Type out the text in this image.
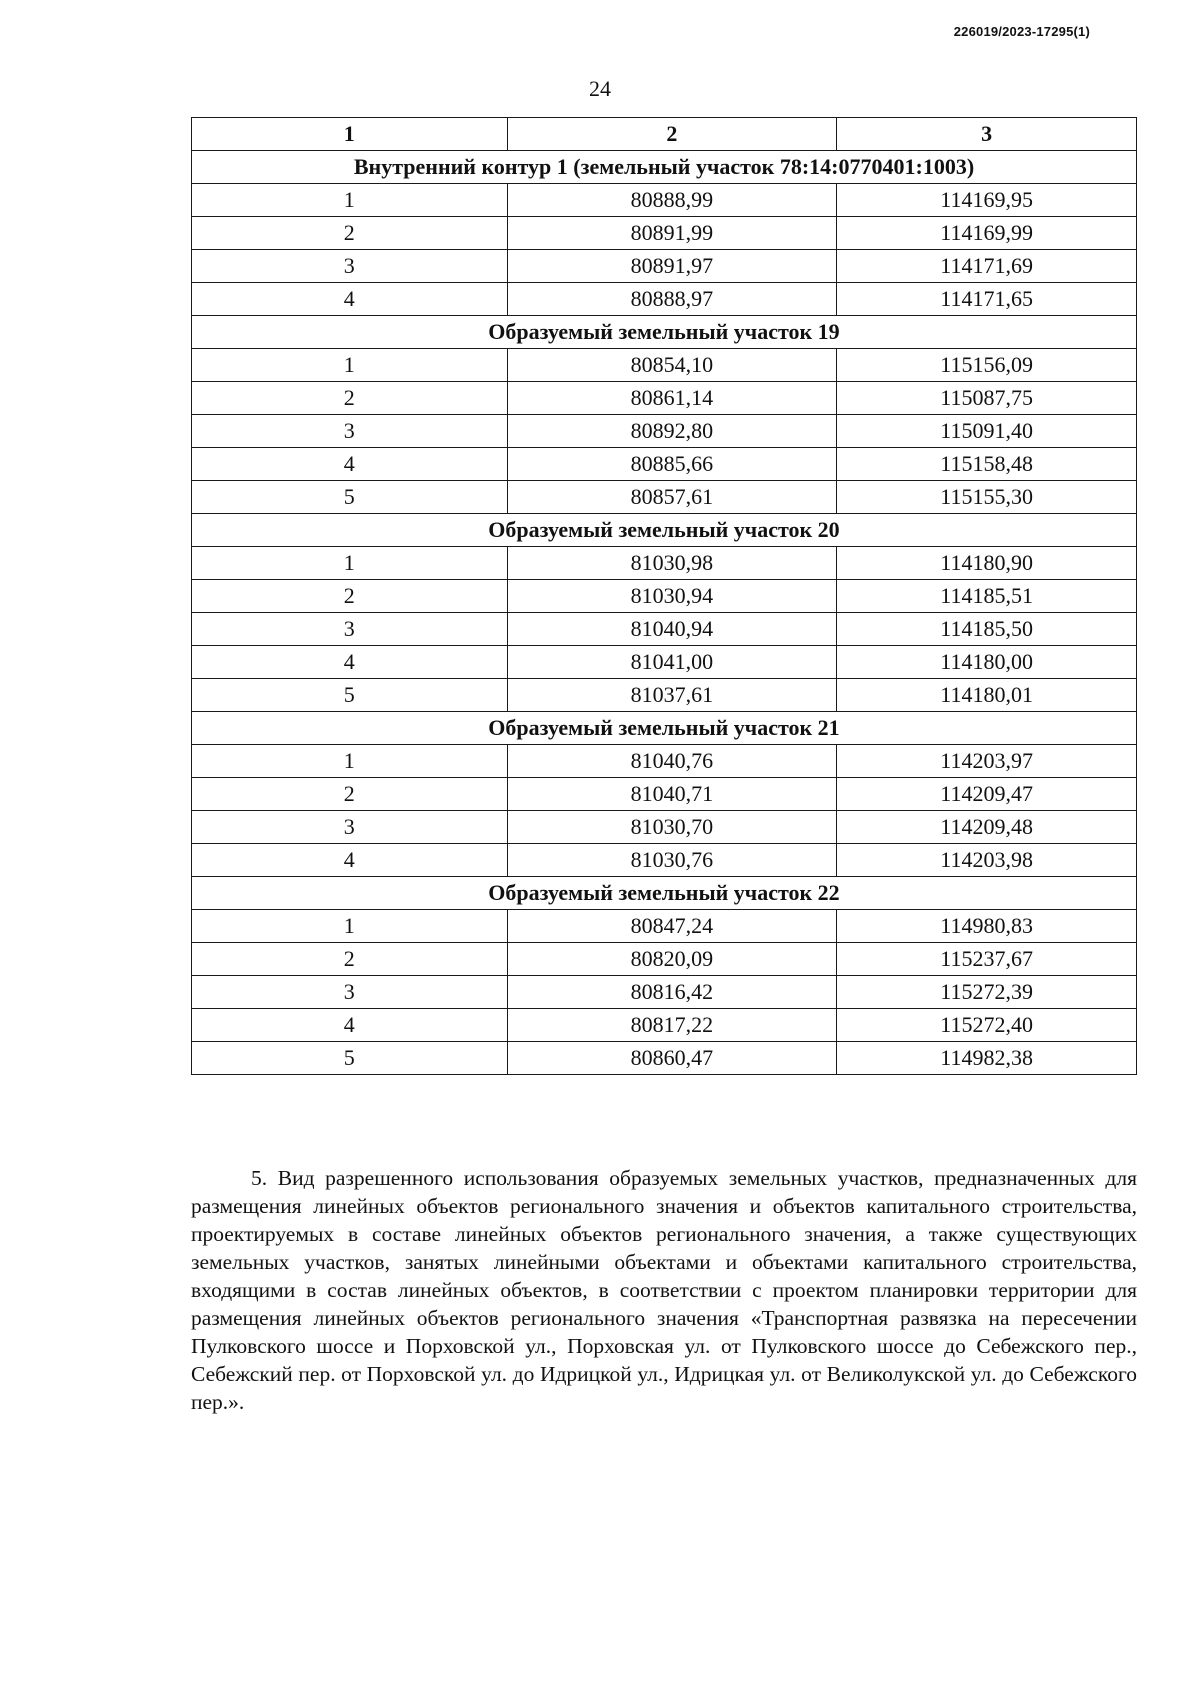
226019/2023-17295(1)
24
1	2	3
Внутренний контур 1 (земельный участок 78:14:0770401:1003)		
1	80888,99	114169,95
2	80891,99	114169,99
3	80891,97	114171,69
4	80888,97	114171,65
Образуемый земельный участок 19		
1	80854,10	115156,09
2	80861,14	115087,75
3	80892,80	115091,40
4	80885,66	115158,48
5	80857,61	115155,30
Образуемый земельный участок 20		
1	81030,98	114180,90
2	81030,94	114185,51
3	81040,94	114185,50
4	81041,00	114180,00
5	81037,61	114180,01
Образуемый земельный участок 21		
1	81040,76	114203,97
2	81040,71	114209,47
3	81030,70	114209,48
4	81030,76	114203,98
Образуемый земельный участок 22		
1	80847,24	114980,83
2	80820,09	115237,67
3	80816,42	115272,39
4	80817,22	115272,40
5	80860,47	114982,38

5. Вид разрешенного использования образуемых земельных участков, предназначенных для размещения линейных объектов регионального значения и объектов капитального строительства, проектируемых в составе линейных объектов регионального значения, а также существующих земельных участков, занятых линейными объектами и объектами капитального строительства, входящими в состав линейных объектов, в соответствии с проектом планировки территории для размещения линейных объектов регионального значения «Транспортная развязка на пересечении Пулковского шоссе и Порховской ул., Порховская ул. от Пулковского шоссе до Себежского пер., Себежский пер. от Порховской ул. до Идрицкой ул., Идрицкая ул. от Великолукской ул. до Себежского пер.».
